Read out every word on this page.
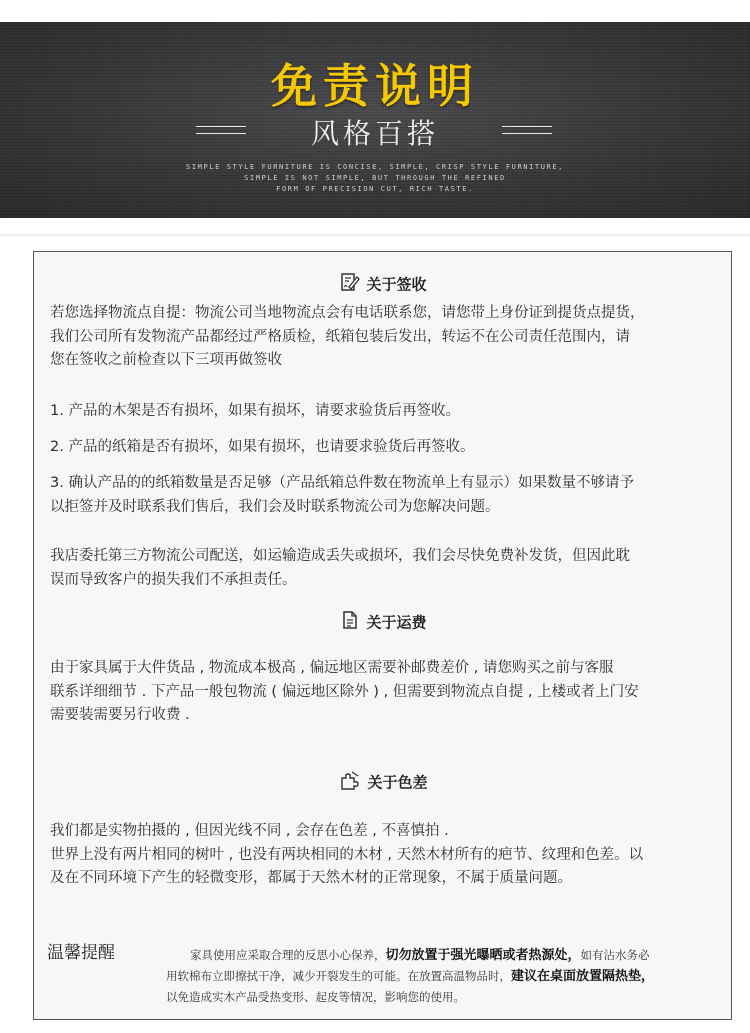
免责说明
风格百搭
SIMPLE STYLE FURNITURE IS CONCISE, SIMPLE, CRISP STYLE FURNITURE,
SIMPLE IS NOT SIMPLE, BUT THROUGH THE REFINED
FORM OF PRECISION CUT, RICH TASTE.
关于签收
若您选择物流点自提：物流公司当地物流点会有电话联系您，请您带上身份证到提货点提货，
我们公司所有发物流产品都经过严格质检，纸箱包装后发出，转运不在公司责任范围内，请
您在签收之前检查以下三项再做签收
1. 产品的木架是否有损坏，如果有损坏，请要求验货后再签收。
2. 产品的纸箱是否有损坏，如果有损坏，也请要求验货后再签收。
3. 确认产品的的纸箱数量是否足够（产品纸箱总件数在物流单上有显示）如果数量不够请予
以拒签并及时联系我们售后，我们会及时联系物流公司为您解决问题。
我店委托第三方物流公司配送，如运输造成丢失或损坏，我们会尽快免费补发货，但因此耽
误而导致客户的损失我们不承担责任。
关于运费
由于家具属于大件货品 , 物流成本极高 , 偏远地区需要补邮费差价 , 请您购买之前与客服
联系详细细节 . 下产品一般包物流 ( 偏远地区除外 ) , 但需要到物流点自提 , 上楼或者上门安
需要装需要另行收费 .
关于色差
我们都是实物拍摄的 , 但因光线不同 , 会存在色差 , 不喜慎拍 .
世界上没有两片相同的树叶 , 也没有两块相同的木材 , 天然木材所有的疤节、纹理和色差。以
及在不同环境下产生的轻微变形，都属于天然木材的正常现象，不属于质量问题。
温馨提醒	家具使用应采取合理的反思小心保养，切勿放置于强光曝晒或者热源处，如有沾水务必
用软棉布立即擦拭干净，减少开裂发生的可能。在放置高温物品时，建议在桌面放置隔热垫，
以免造成实木产品受热变形、起皮等情况，影响您的使用。
